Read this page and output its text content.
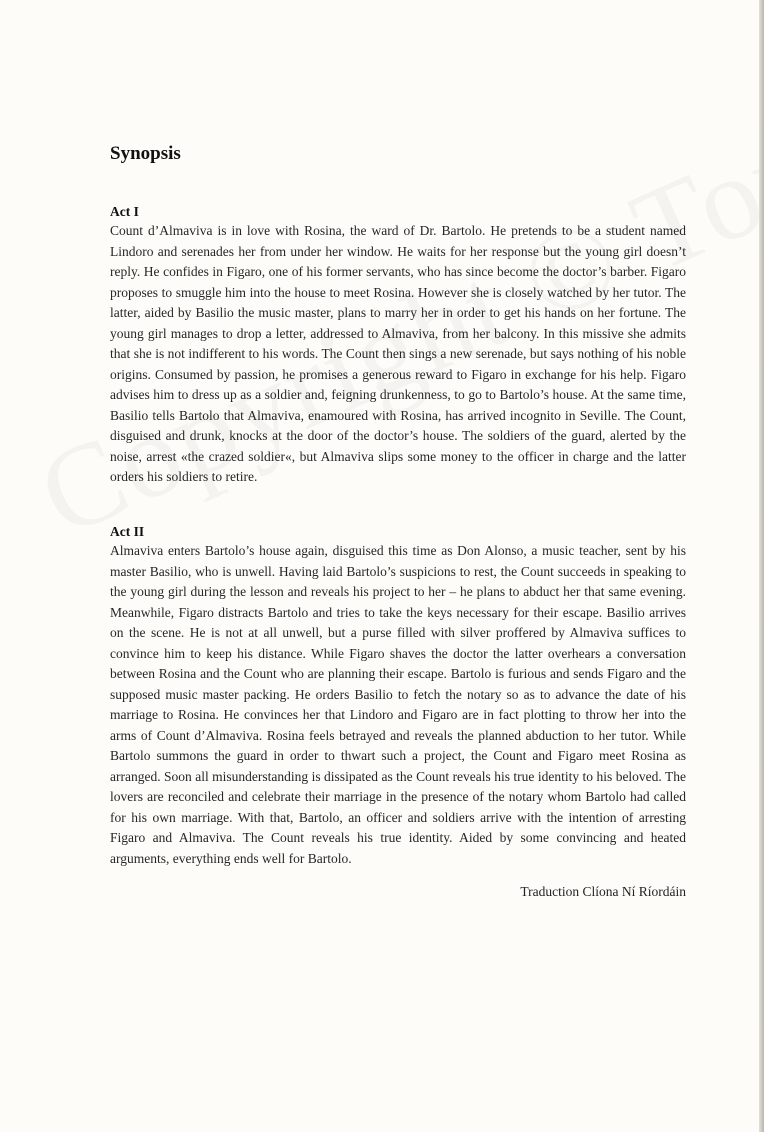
Synopsis
Act I

Count d’Almaviva is in love with Rosina, the ward of Dr. Bartolo. He pretends to be a student named Lindoro and serenades her from under her window. He waits for her response but the young girl doesn’t reply. He confides in Figaro, one of his former servants, who has since become the doctor’s barber. Figaro proposes to smuggle him into the house to meet Rosina. However she is closely watched by her tutor. The latter, aided by Basilio the music master, plans to marry her in order to get his hands on her fortune. The young girl manages to drop a letter, addressed to Almaviva, from her balcony. In this missive she admits that she is not indifferent to his words. The Count then sings a new serenade, but says nothing of his noble origins. Consumed by passion, he promises a generous reward to Figaro in exchange for his help. Figaro advises him to dress up as a soldier and, feigning drunkenness, to go to Bartolo’s house. At the same time, Basilio tells Bartolo that Almaviva, enamoured with Rosina, has arrived incognito in Seville. The Count, disguised and drunk, knocks at the door of the doctor’s house. The soldiers of the guard, alerted by the noise, arrest «the crazed soldier«, but Almaviva slips some money to the officer in charge and the latter orders his soldiers to retire.

Act II

Almaviva enters Bartolo’s house again, disguised this time as Don Alonso, a music teacher, sent by his master Basilio, who is unwell. Having laid Bartolo’s suspicions to rest, the Count succeeds in speaking to the young girl during the lesson and reveals his project to her – he plans to abduct her that same evening. Meanwhile, Figaro distracts Bartolo and tries to take the keys necessary for their escape. Basilio arrives on the scene. He is not at all unwell, but a purse filled with silver proffered by Almaviva suffices to convince him to keep his distance. While Figaro shaves the doctor the latter overhears a conversation between Rosina and the Count who are planning their escape. Bartolo is furious and sends Figaro and the supposed music master packing. He orders Basilio to fetch the notary so as to advance the date of his marriage to Rosina. He convinces her that Lindoro and Figaro are in fact plotting to throw her into the arms of Count d’Almaviva. Rosina feels betrayed and reveals the planned abduction to her tutor. While Bartolo summons the guard in order to thwart such a project, the Count and Figaro meet Rosina as arranged. Soon all misunderstanding is dissipated as the Count reveals his true identity to his beloved. The lovers are reconciled and celebrate their marriage in the presence of the notary whom Bartolo had called for his own marriage. With that, Bartolo, an officer and soldiers arrive with the intention of arresting Figaro and Almaviva. The Count reveals his true identity. Aided by some convincing and heated arguments, everything ends well for Bartolo.

Traduction Clíona Ní Ríordáin
